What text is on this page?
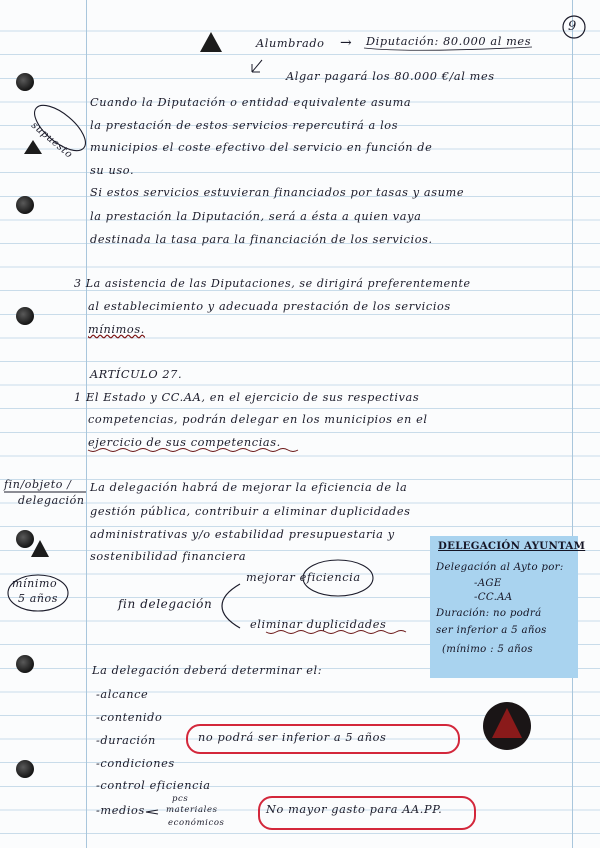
9
Alumbrado → Diputación: 80.000 al mes
Algar pagará los 80.000 €/al mes
supuesto
fin/objeto /
delegación
mínimo
5 años
Cuando la Diputación o entidad equivalente asuma
la prestación de estos servicios repercutirá a los
municipios el coste efectivo del servicio en función de
su uso.
Si estos servicios estuvieran financiados por tasas y asume
la prestación la Diputación, será a ésta a quien vaya
destinada la tasa para la financiación de los servicios.
3 La asistencia de las Diputaciones, se dirigirá preferentemente
al establecimiento y adecuada prestación de los servicios
mínimos.
ARTÍCULO 27.
1 El Estado y CC.AA, en el ejercicio de sus respectivas
competencias, podrán delegar en los municipios en el
ejercicio de sus competencias.
La delegación habrá de mejorar la eficiencia de la
gestión pública, contribuir a eliminar duplicidades
administrativas y/o estabilidad presupuestaria y
sostenibilidad financiera
fin delegación
mejorar eficiencia
eliminar duplicidades
La delegación deberá determinar el:
-alcance
-contenido
-duración
-condiciones
-control eficiencia
-medios
pcs
materiales
económicos
no podrá ser inferior a 5 años
No mayor gasto para AA.PP.
DELEGACIÓN AYUNTAM
Delegación al Ayto por:
-AGE
-CC.AA
Duración: no podrá
ser inferior a 5 años
(mínimo : 5 años
